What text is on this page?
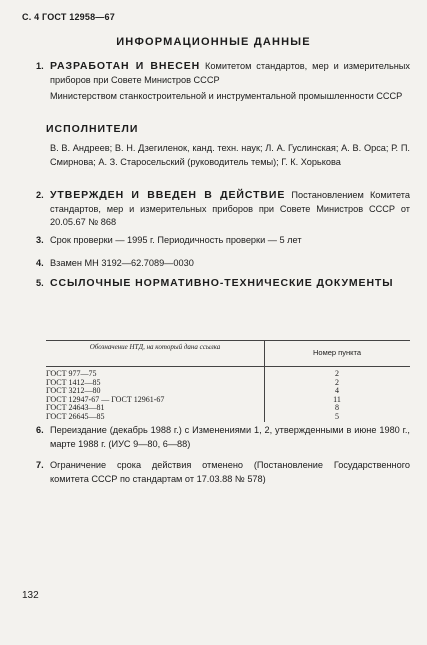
С. 4 ГОСТ 12958—67
ИНФОРМАЦИОННЫЕ ДАННЫЕ
1. РАЗРАБОТАН И ВНЕСЕН Комитетом стандартов, мер и измерительных приборов при Совете Министров СССР
Министерством станкостроительной и инструментальной промышленности СССР
ИСПОЛНИТЕЛИ
В. В. Андреев; В. Н. Дзегиленок, канд. техн. наук; Л. А. Гуслинская; А. В. Орса; Р. П. Смирнова; А. З. Старосельский (руководитель темы); Г. К. Хорькова
2. УТВЕРЖДЕН И ВВЕДЕН В ДЕЙСТВИЕ Постановлением Комитета стандартов, мер и измерительных приборов при Совете Министров СССР от 20.05.67 № 868
3. Срок проверки — 1995 г. Периодичность проверки — 5 лет
4. Взамен МН 3192—62.7089—0030
5. ССЫЛОЧНЫЕ НОРМАТИВНО-ТЕХНИЧЕСКИЕ ДОКУМЕНТЫ
Обозначение НТД, на который дана ссылка
Номер пункта
ГОСТ 977—75	2
ГОСТ 1412—85	2
ГОСТ 3212—80	4
ГОСТ 12947-67 — ГОСТ 12961-67	11
ГОСТ 24643—81	8
ГОСТ 26645—85	5
6. Переиздание (декабрь 1988 г.) с Изменениями 1, 2, утвержденными в июне 1980 г., марте 1988 г. (ИУС 9—80, 6—88)
7. Ограничение срока действия отменено (Постановление Государственного комитета СССР по стандартам от 17.03.88 № 578)
132
